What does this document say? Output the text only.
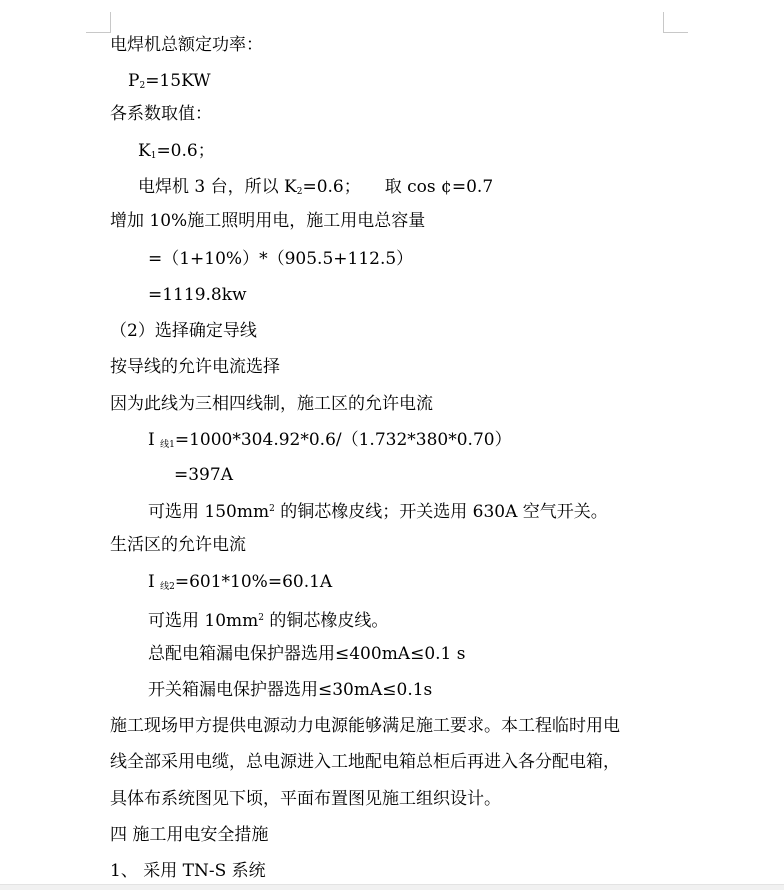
电焊机总额定功率：
$P_2=15KW$
各系数取值：
$K_1=0.6$；
电焊机 3 台，所以 $K_2=0.6$； 取 cos ¢=0.7
增加 10%施工照明用电，施工用电总容量
=（1+10%）*（905.5+112.5）
=1119.8kw
（2）选择确定导线
按导线的允许电流选择
因为此线为三相四线制，施工区的允许电流
I $_{线1}$=1000*304.92*0.6/（1.732*380*0.70）
=397A
可选用 $150mm^2$ 的铜芯橡皮线；开关选用 630A 空气开关。
生活区的允许电流
I $_{线2}$=601*10%=60.1A
可选用 $10mm^2$ 的铜芯橡皮线。
总配电箱漏电保护器选用≤400mA≤0.1 s
开关箱漏电保护器选用≤30mA≤0.1s
施工现场甲方提供电源动力电源能够满足施工要求。本工程临时用电
线全部采用电缆，总电源进入工地配电箱总柜后再进入各分配电箱，
具体布系统图见下顷，平面布置图见施工组织设计。
四 施工用电安全措施
1、 采用 TN-S 系统
